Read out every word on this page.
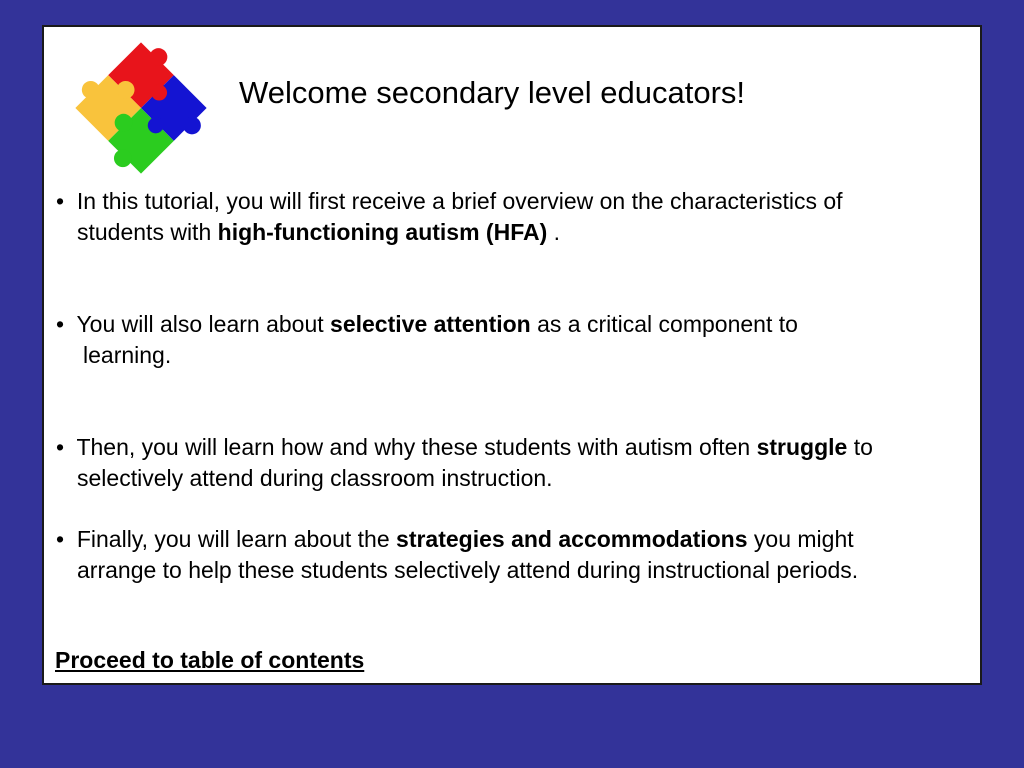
Welcome secondary level educators!
• In this tutorial, you will first receive a brief overview on the characteristics of
students with high-functioning autism (HFA) .
• You will also learn about selective attention as a critical component to
learning.
• Then, you will learn how and why these students with autism often struggle to
selectively attend during classroom instruction.
• Finally, you will learn about the strategies and accommodations you might
arrange to help these students selectively attend during instructional periods.
Proceed to table of contents
